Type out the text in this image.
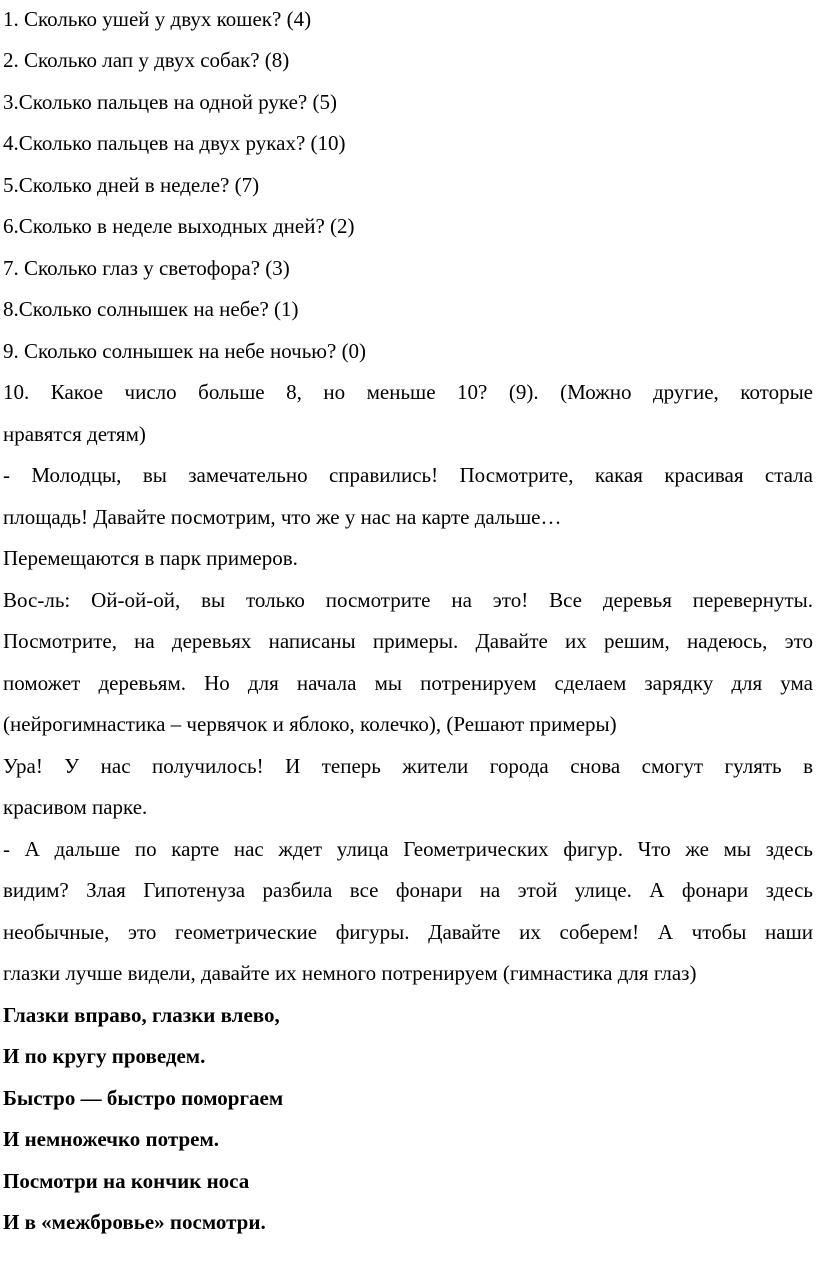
1. Сколько ушей у двух кошек? (4)
2. Сколько лап у двух собак? (8)
3.Сколько пальцев на одной руке? (5)
4.Сколько пальцев на двух руках? (10)
5.Сколько дней в неделе? (7)
6.Сколько в неделе выходных дней? (2)
7. Сколько глаз у светофора? (3)
8.Сколько солнышек на небе? (1)
9. Сколько солнышек на небе ночью? (0)
10. Какое число больше 8, но меньше 10? (9). (Можно другие, которые
нравятся детям)
- Молодцы, вы замечательно справились! Посмотрите, какая красивая стала
площадь! Давайте посмотрим, что же у нас на карте дальше…
Перемещаются в парк примеров.
Вос-ль: Ой-ой-ой, вы только посмотрите на это! Все деревья перевернуты.
Посмотрите, на деревьях написаны примеры. Давайте их решим, надеюсь, это
поможет деревьям. Но для начала мы потренируем сделаем зарядку для ума
(нейрогимнастика – червячок и яблоко, колечко), (Решают примеры)
Ура! У нас получилось! И теперь жители города снова смогут гулять в
красивом парке.
- А дальше по карте нас ждет улица Геометрических фигур. Что же мы здесь
видим? Злая Гипотенуза разбила все фонари на этой улице. А фонари здесь
необычные, это геометрические фигуры. Давайте их соберем! А чтобы наши
глазки лучше видели, давайте их немного потренируем (гимнастика для глаз)
Глазки вправо, глазки влево,
И по кругу проведем.
Быстро — быстро поморгаем
И немножечко потрем.
Посмотри на кончик носа
И в «межбровье» посмотри.
